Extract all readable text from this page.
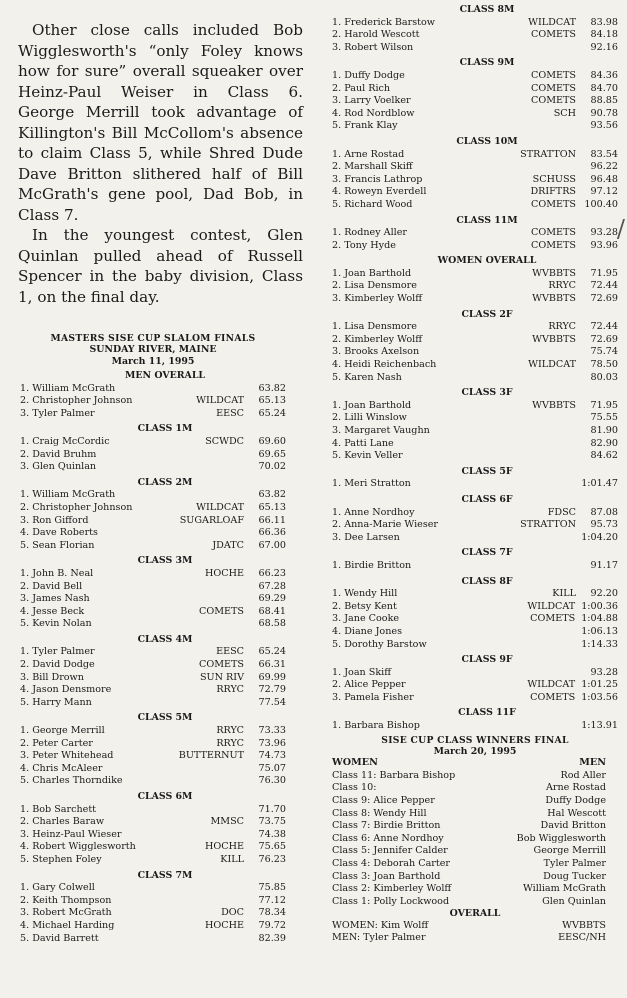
Other close calls included Bob Wigglesworth's “only Foley knows how for sure” overall squeaker over Heinz-Paul Weiser in Class 6. George Merrill took advantage of Killington's Bill McCollom's absence to claim Class 5, while Shred Dude Dave Britton slithered half of Bill McGrath's gene pool, Dad Bob, in Class 7.

In the youngest contest, Glen Quinlan pulled ahead of Russell Spencer in the baby division, Class 1, on the final day.

MASTERS SISE CUP SLALOM FINALS
SUNDAY RIVER, MAINE
March 11, 1995
MEN OVERALL
1. William McGrath	63.82
2. Christopher Johnson	WILDCAT	65.13
3. Tyler Palmer	EESC	65.24
CLASS 1M
1. Craig McCordic	SCWDC	69.60
2. David Bruhm	69.65
3. Glen Quinlan	70.02
CLASS 2M
1. William McGrath	63.82
2. Christopher Johnson	WILDCAT	65.13
3. Ron Gifford	SUGARLOAF	66.11
4. Dave Roberts	66.36
5. Sean Florian	JDATC	67.00
CLASS 3M
1. John B. Neal	HOCHE	66.23
2. David Bell	67.28
3. James Nash	69.29
4. Jesse Beck	COMETS	68.41
5. Kevin Nolan	68.58
CLASS 4M
1. Tyler Palmer	EESC	65.24
2. David Dodge	COMETS	66.31
3. Bill Drown	SUN RIV	69.99
4. Jason Densmore	RRYC	72.79
5. Harry Mann	77.54
CLASS 5M
1. George Merrill	RRYC	73.33
2. Peter Carter	RRYC	73.96
3. Peter Whitehead	BUTTERNUT	74.73
4. Chris McAleer	75.07
5. Charles Thorndike	76.30
CLASS 6M
1. Bob Sarchett	71.70
2. Charles Baraw	MMSC	73.75
3. Heinz-Paul Wieser	74.38
4. Robert Wigglesworth	HOCHE	75.65
5. Stephen Foley	KILL	76.23
CLASS 7M
1. Gary Colwell	75.85
2. Keith Thompson	77.12
3. Robert McGrath	DOC	78.34
4. Michael Harding	HOCHE	79.72
5. David Barrett	82.39
CLASS 8M
1. Frederick Barstow	WILDCAT	83.98
2. Harold Wescott	COMETS	84.18
3. Robert Wilson	92.16
CLASS 9M
1. Duffy Dodge	COMETS	84.36
2. Paul Rich	COMETS	84.70
3. Larry Voelker	COMETS	88.85
4. Rod Nordblow	SCH	90.78
5. Frank Klay	93.56
CLASS 10M
1. Arne Rostad	STRATTON	83.54
2. Marshall Skiff	96.22
3. Francis Lathrop	SCHUSS	96.48
4. Roweyn Everdell	DRIFTRS	97.12
5. Richard Wood	COMETS 100.40
CLASS 11M
1. Rodney Aller	COMETS	93.28
2. Tony Hyde	COMETS	93.96
WOMEN OVERALL
1. Joan Barthold	WVBBTS	71.95
2. Lisa Densmore	RRYC	72.44
3. Kimberley Wolff	WVBBTS	72.69
CLASS 2F
1. Lisa Densmore	RRYC	72.44
2. Kimberley Wolff	WVBBTS	72.69
3. Brooks Axelson	75.74
4. Heidi Reichenbach	WILDCAT	78.50
5. Karen Nash	80.03
CLASS 3F
1. Joan Barthold	WVBBTS	71.95
2. Lilli Winslow	75.55
3. Margaret Vaughn	81.90
4. Patti Lane	82.90
5. Kevin Veller	84.62
CLASS 5F
1. Meri Stratton	1:01.47
CLASS 6F
1. Anne Nordhoy	FDSC	87.08
2. Anna-Marie Wieser	STRATTON	95.73
3. Dee Larsen	1:04.20
CLASS 7F
1. Birdie Britton	91.17
CLASS 8F
1. Wendy Hill	KILL	92.20
2. Betsy Kent	WILDCAT 1:00.36
3. Jane Cooke	COMETS 1:04.88
4. Diane Jones	1:06.13
5. Dorothy Barstow	1:14.33
CLASS 9F
1. Joan Skiff	93.28
2. Alice Pepper	WILDCAT 1:01.25
3. Pamela Fisher	COMETS 1:03.56
CLASS 11F
1. Barbara Bishop	1:13.91
SISE CUP CLASS WINNERS FINAL
March 20, 1995
WOMEN	MEN
Class 11: Barbara Bishop	Rod Aller
Class 10:	Arne Rostad
Class 9: Alice Pepper	Duffy Dodge
Class 8: Wendy Hill	Hal Wescott
Class 7: Birdie Britton	David Britton
Class 6: Anne Nordhoy	Bob Wigglesworth
Class 5: Jennifer Calder	George Merrill
Class 4: Deborah Carter	Tyler Palmer
Class 3: Joan Barthold	Doug Tucker
Class 2: Kimberley Wolff	William McGrath
Class 1: Polly Lockwood	Glen Quinlan
OVERALL
WOMEN: Kim Wolff	WVBBTS
MEN: Tyler Palmer	EESC/NH
/
